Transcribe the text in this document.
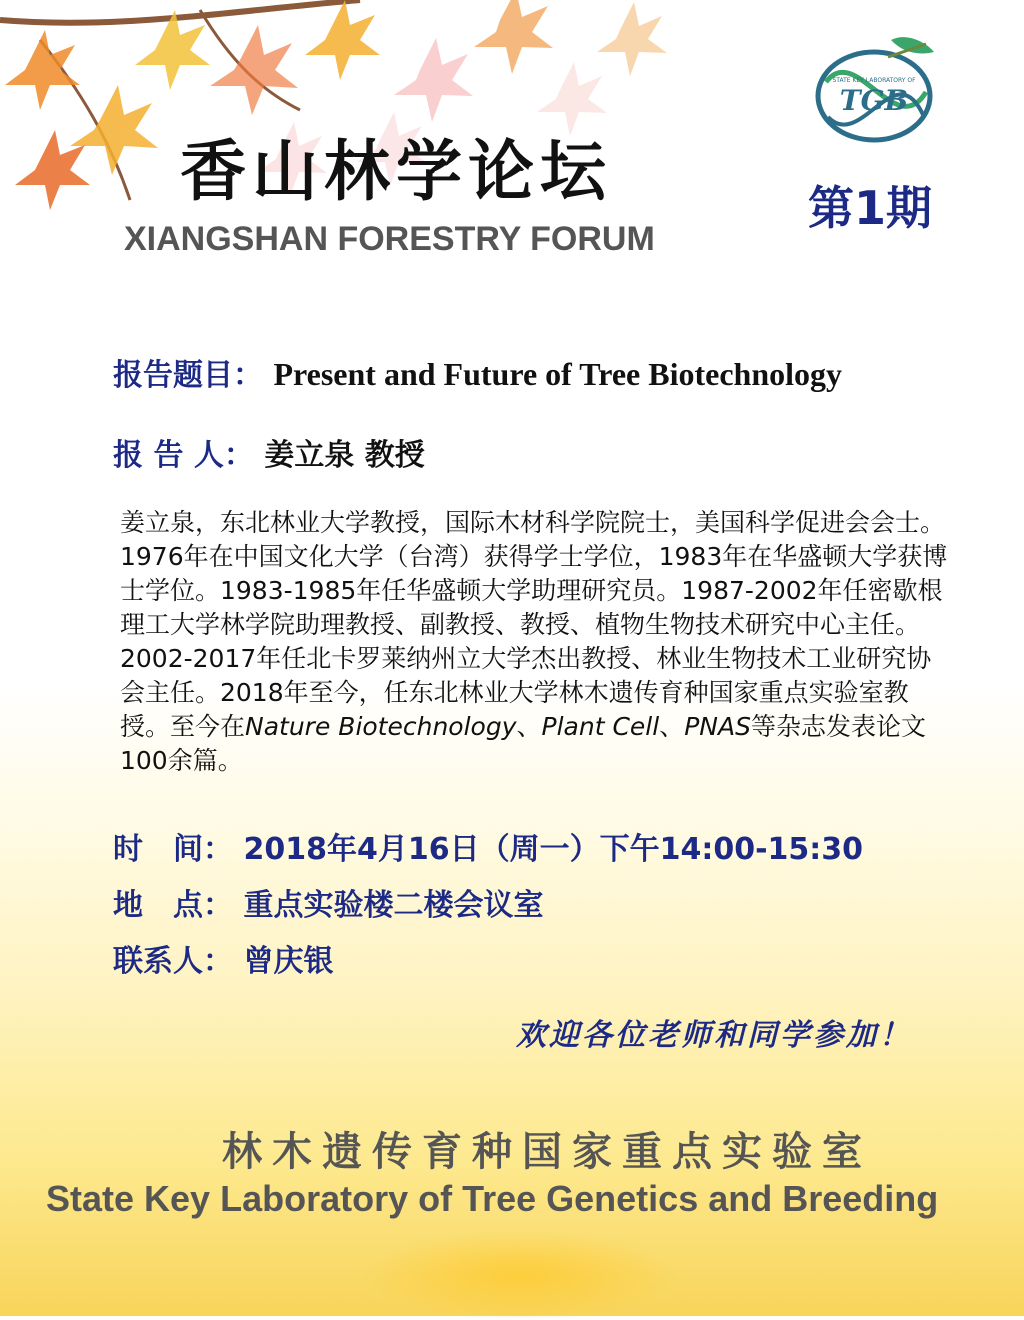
STATE KEY LABORATORY OF
TGB
第1期
香山林学论坛
XIANGSHAN FORESTRY FORUM
报告题目： Present and Future of Tree Biotechnology
报 告 人： 姜立泉 教授
姜立泉，东北林业大学教授，国际木材科学院院士，美国科学促进会会士。1976年在中国文化大学（台湾）获得学士学位，1983年在华盛顿大学获博士学位。1983-1985年任华盛顿大学助理研究员。1987-2002年任密歇根理工大学林学院助理教授、副教授、教授、植物生物技术研究中心主任。 2002-2017年任北卡罗莱纳州立大学杰出教授、林业生物技术工业研究协会主任。2018年至今，任东北林业大学林木遗传育种国家重点实验室教授。至今在Nature Biotechnology、Plant Cell、PNAS等杂志发表论文100余篇。
时　间： 2018年4月16日（周一）下午14:00-15:30
地　点： 重点实验楼二楼会议室
联系人： 曾庆银
欢迎各位老师和同学参加！
林木遗传育种国家重点实验室
State Key Laboratory of Tree Genetics and Breeding
